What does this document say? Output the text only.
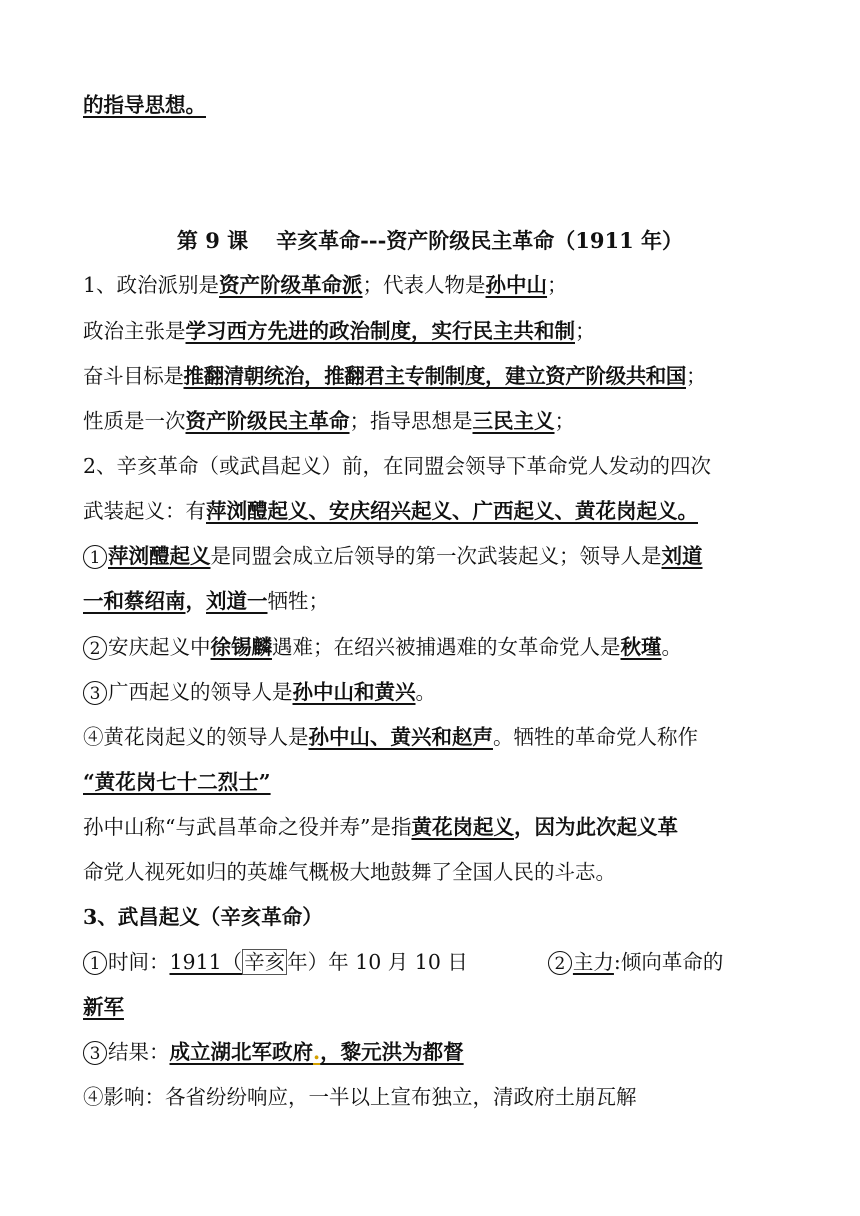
的指导思想。
第 9 课 辛亥革命---资产阶级民主革命（1911 年）
1、政治派别是资产阶级革命派；代表人物是孙中山；
政治主张是学习西方先进的政治制度，实行民主共和制；
奋斗目标是推翻清朝统治，推翻君主专制制度，建立资产阶级共和国；
性质是一次资产阶级民主革命；指导思想是三民主义；
2、辛亥革命（或武昌起义）前，在同盟会领导下革命党人发动的四次
武装起义：有萍浏醴起义、安庆绍兴起义、广西起义、黄花岗起义。
1 萍浏醴起义是同盟会成立后领导的第一次武装起义；领导人是刘道
一和蔡绍南，刘道一牺牲；
2 安庆起义中徐锡麟遇难；在绍兴被捕遇难的女革命党人是秋瑾。
3 广西起义的领导人是孙中山和黄兴。
④黄花岗起义的领导人是孙中山、黄兴和赵声。牺牲的革命党人称作
“黄花岗七十二烈士”
孙中山称“与武昌革命之役并寿”是指黄花岗起义，因为此次起义革
命党人视死如归的英雄气概极大地鼓舞了全国人民的斗志。
3、武昌起义（辛亥革命）
1 时间：1911（辛亥年）年 10 月 10 日	2 主力:倾向革命的
新军
3 结果：成立湖北军政府.，黎元洪为都督
④影响：各省纷纷响应，一半以上宣布独立，清政府土崩瓦解
